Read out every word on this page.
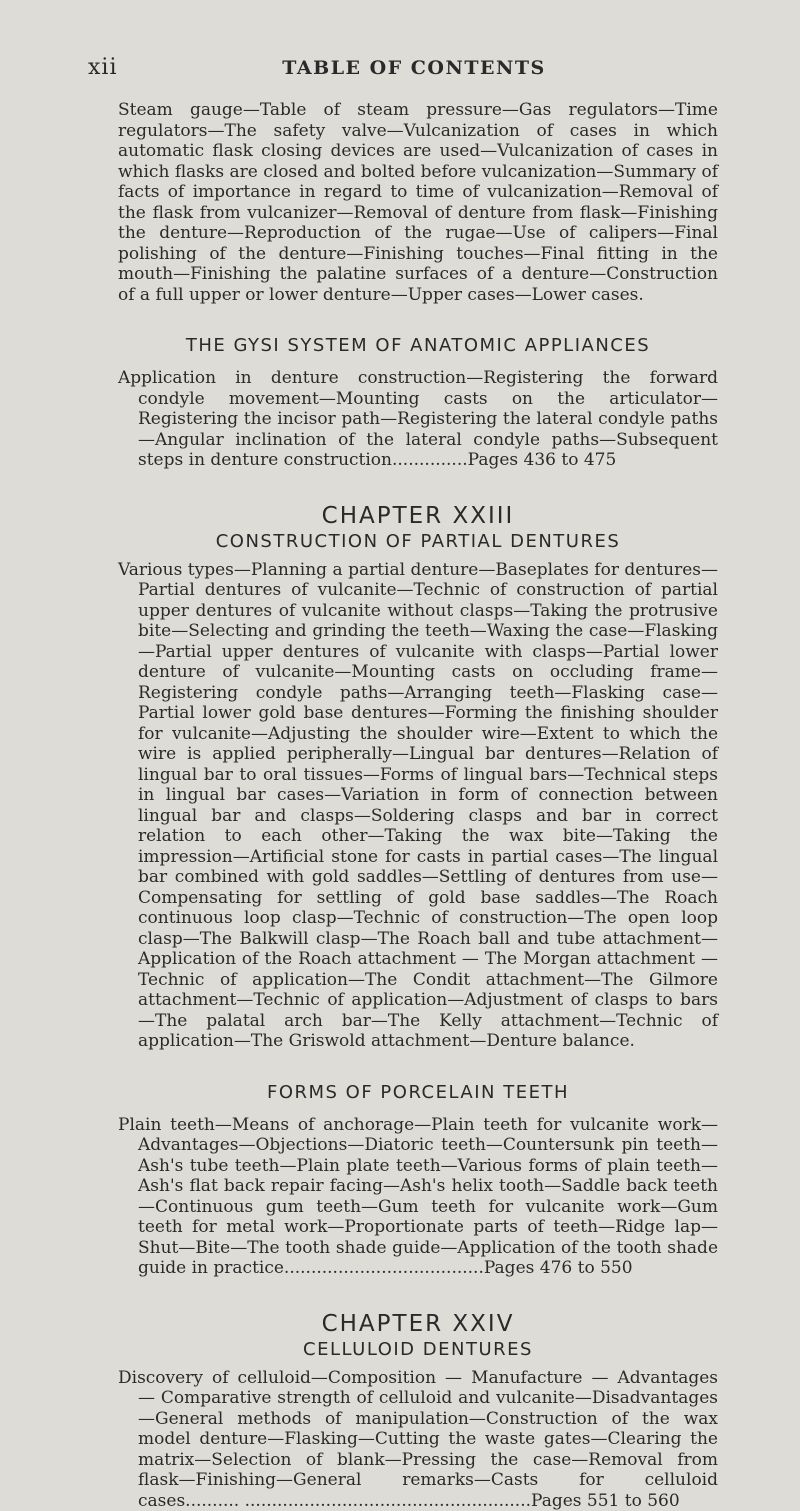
xii	TABLE OF CONTENTS

Steam gauge—Table of steam pressure—Gas regulators—Time regulators—The safety valve—Vulcanization of cases in which automatic flask closing devices are used—Vulcanization of cases in which flasks are closed and bolted before vulcanization—Summary of facts of importance in regard to time of vulcanization—Removal of the flask from vulcanizer—Removal of denture from flask—Finishing the denture—Reproduction of the rugae—Use of calipers—Final polishing of the denture—Finishing touches—Final fitting in the mouth—Finishing the palatine surfaces of a denture—Construction of a full upper or lower denture—Upper cases—Lower cases.

THE GYSI SYSTEM OF ANATOMIC APPLIANCES

Application in denture construction—Registering the forward condyle movement—Mounting casts on the articulator—Registering the incisor path—Registering the lateral condyle paths—Angular inclination of the lateral condyle paths—Subsequent steps in denture construction..............Pages 436 to 475

CHAPTER XXIII
CONSTRUCTION OF PARTIAL DENTURES

Various types—Planning a partial denture—Baseplates for dentures—Partial dentures of vulcanite—Technic of construction of partial upper dentures of vulcanite without clasps—Taking the protrusive bite—Selecting and grinding the teeth—Waxing the case—Flasking—Partial upper dentures of vulcanite with clasps—Partial lower denture of vulcanite—Mounting casts on occluding frame—Registering condyle paths—Arranging teeth—Flasking case—Partial lower gold base dentures—Forming the finishing shoulder for vulcanite—Adjusting the shoulder wire—Extent to which the wire is applied peripherally—Lingual bar dentures—Relation of lingual bar to oral tissues—Forms of lingual bars—Technical steps in lingual bar cases—Variation in form of connection between lingual bar and clasps—Soldering clasps and bar in correct relation to each other—Taking the wax bite—Taking the impression—Artificial stone for casts in partial cases—The lingual bar combined with gold saddles—Settling of dentures from use—Compensating for settling of gold base saddles—The Roach continuous loop clasp—Technic of construction—The open loop clasp—The Balkwill clasp—The Roach ball and tube attachment—Application of the Roach attachment — The Morgan attachment — Technic of application—The Condit attachment—The Gilmore attachment—Technic of application—Adjustment of clasps to bars—The palatal arch bar—The Kelly attachment—Technic of application—The Griswold attachment—Denture balance.

FORMS OF PORCELAIN TEETH

Plain teeth—Means of anchorage—Plain teeth for vulcanite work—Advantages—Objections—Diatoric teeth—Countersunk pin teeth—Ash's tube teeth—Plain plate teeth—Various forms of plain teeth—Ash's flat back repair facing—Ash's helix tooth—Saddle back teeth—Continuous gum teeth—Gum teeth for vulcanite work—Gum teeth for metal work—Proportionate parts of teeth—Ridge lap—Shut—Bite—The tooth shade guide—Application of the tooth shade guide in practice.....................................Pages 476 to 550

CHAPTER XXIV
CELLULOID DENTURES

Discovery of celluloid—Composition — Manufacture — Advantages — Comparative strength of celluloid and vulcanite—Disadvantages—General methods of manipulation—Construction of the wax model denture—Flasking—Cutting the waste gates—Clearing the matrix—Selection of blank—Pressing the case—Removal from flask—Finishing—General remarks—Casts for celluloid cases.......... .....................................................Pages 551 to 560
